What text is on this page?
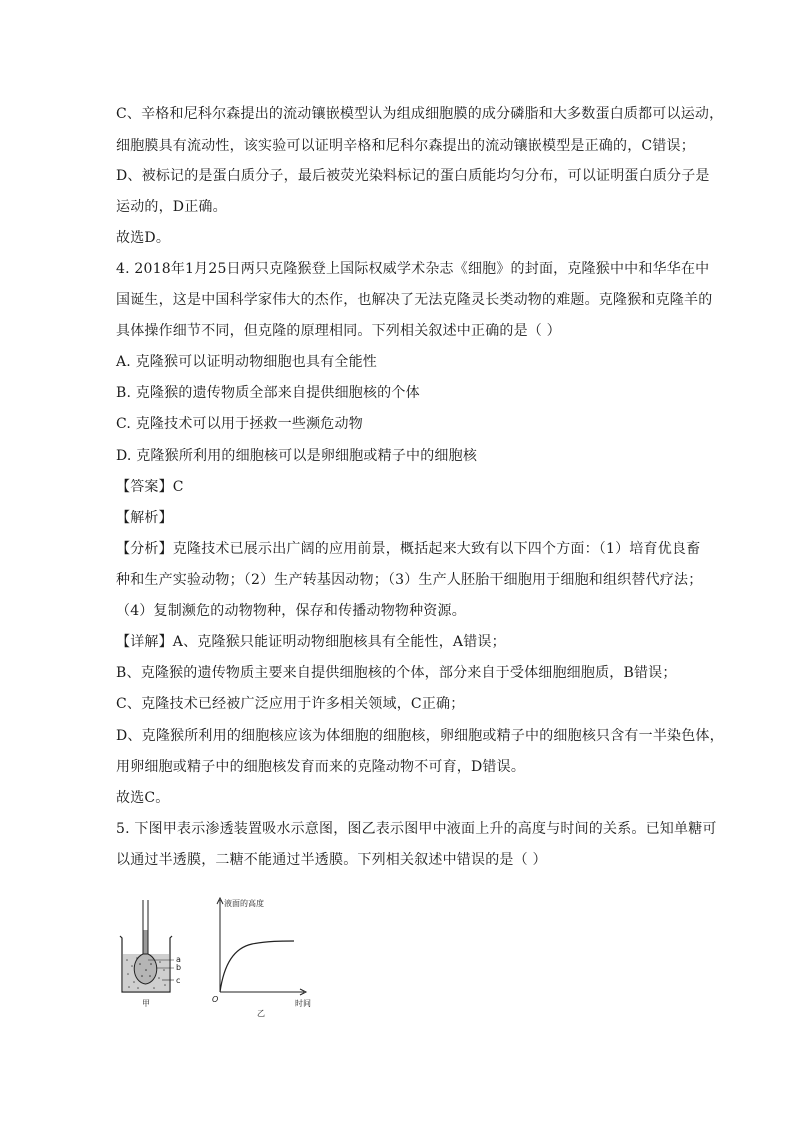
C、辛格和尼科尔森提出的流动镶嵌模型认为组成细胞膜的成分磷脂和大多数蛋白质都可以运动，
细胞膜具有流动性，该实验可以证明辛格和尼科尔森提出的流动镶嵌模型是正确的，C错误；
D、被标记的是蛋白质分子，最后被荧光染料标记的蛋白质能均匀分布，可以证明蛋白质分子是
运动的，D正确。
故选D。
4. 2018年1月25日两只克隆猴登上国际权威学术杂志《细胞》的封面，克隆猴中中和华华在中
国诞生，这是中国科学家伟大的杰作，也解决了无法克隆灵长类动物的难题。克隆猴和克隆羊的
具体操作细节不同，但克隆的原理相同。下列相关叙述中正确的是（ ）
A. 克隆猴可以证明动物细胞也具有全能性
B. 克隆猴的遗传物质全部来自提供细胞核的个体
C. 克隆技术可以用于拯救一些濒危动物
D. 克隆猴所利用的细胞核可以是卵细胞或精子中的细胞核
【答案】C
【解析】
【分析】克隆技术已展示出广阔的应用前景，概括起来大致有以下四个方面：（1）培育优良畜
种和生产实验动物；（2）生产转基因动物；（3）生产人胚胎干细胞用于细胞和组织替代疗法；
（4）复制濒危的动物物种，保存和传播动物物种资源。
【详解】A、克隆猴只能证明动物细胞核具有全能性，A错误；
B、克隆猴的遗传物质主要来自提供细胞核的个体，部分来自于受体细胞细胞质，B错误；
C、克隆技术已经被广泛应用于许多相关领域，C正确；
D、克隆猴所利用的细胞核应该为体细胞的细胞核，卵细胞或精子中的细胞核只含有一半染色体，
用卵细胞或精子中的细胞核发育而来的克隆动物不可育，D错误。
故选C。
5. 下图甲表示渗透装置吸水示意图，图乙表示图甲中液面上升的高度与时间的关系。已知单糖可
以通过半透膜，二糖不能通过半透膜。下列相关叙述中错误的是（ ）
a
b
c
甲
液面的高度
时间
O
乙
